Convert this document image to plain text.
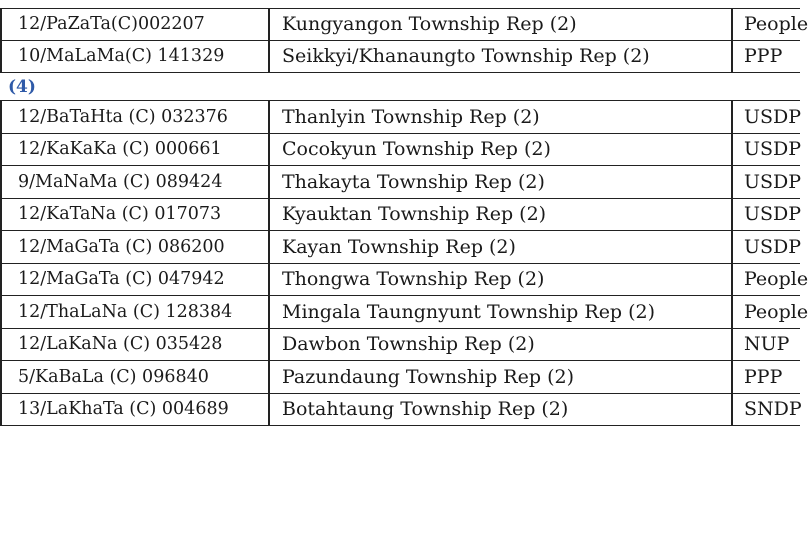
12/PaZaTa(C)002207	Kungyangon Township Rep (2)	People
10/MaLaMa(C) 141329	Seikkyi/Khanaungto Township Rep (2)	PPP
(4)
12/BaTaHta (C) 032376	Thanlyin Township Rep (2)	USDP
12/KaKaKa (C) 000661	Cocokyun Township Rep (2)	USDP
9/MaNaMa (C) 089424	Thakayta Township Rep (2)	USDP
12/KaTaNa (C) 017073	Kyauktan Township Rep (2)	USDP
12/MaGaTa (C) 086200	Kayan Township Rep (2)	USDP
12/MaGaTa (C) 047942	Thongwa Township Rep (2)	People
12/ThaLaNa (C) 128384	Mingala Taungnyunt Township Rep (2)	People
12/LaKaNa (C) 035428	Dawbon Township Rep (2)	NUP
5/KaBaLa (C) 096840	Pazundaung Township Rep (2)	PPP
13/LaKhaTa (C) 004689	Botahtaung Township Rep (2)	SNDP
